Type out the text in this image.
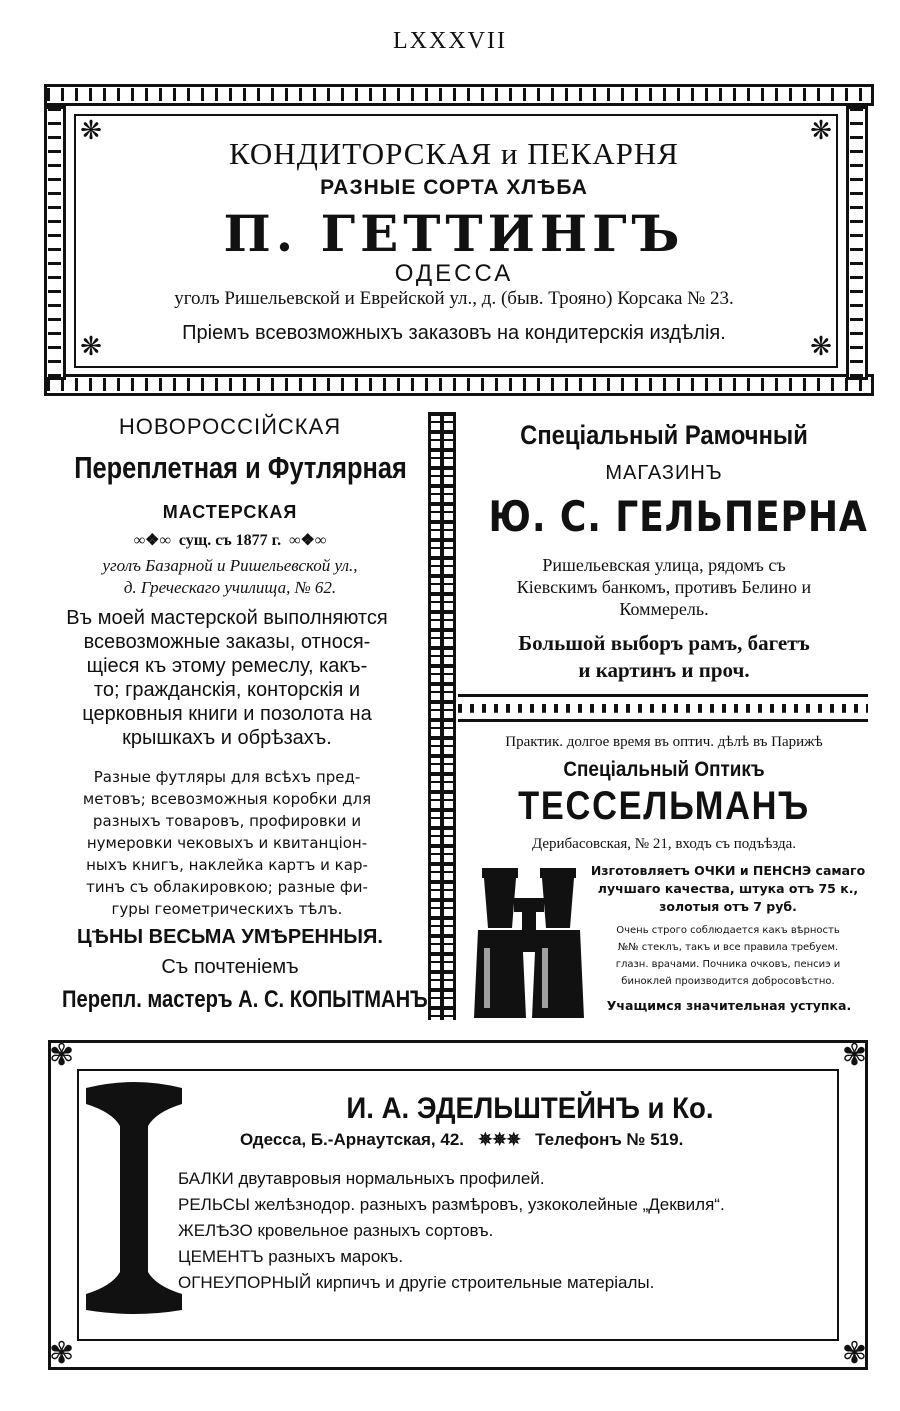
LXXXVII
❋	❋
❋	❋
КОНДИТОРСКАЯ и ПЕКАРНЯ
РАЗНЫЕ СОРТА ХЛѢБА
П. ГЕТТИНГЪ
ОДЕССА
уголъ Ришельевской и Еврейской ул., д. (быв. Трояно) Корсака № 23.
Пріемъ всевозможныхъ заказовъ на кондитерскія издѣлія.
НОВОРОССІЙСКАЯ
Переплетная и Футлярная
МАСТЕРСКАЯ
∞❖∞  сущ. съ 1877 г.  ∞❖∞
уголъ Базарной и Ришельевской ул.,
д. Греческаго училища, № 62.
Въ моей мастерской выполняются
всевозможные заказы, относя-
щіеся къ этому ремеслу, какъ-
то; гражданскія, конторскія и
церковныя книги и позолота на
крышкахъ и обрѣзахъ.
Разные футляры для всѣхъ пред-
метовъ; всевозможныя коробки для
разныхъ товаровъ, профировки и
нумеровки чековыхъ и квитанціон-
ныхъ книгъ, наклейка картъ и кар-
тинъ съ облакировкою; разные фи-
гуры геометрическихъ тѣлъ.
ЦѢНЫ ВЕСЬМА УМѢРЕННЫЯ.
Съ почтеніемъ
Перепл. мастеръ А. С. КОПЫТМАНЪ
Спеціальный Рамочный
МАГАЗИНЪ
Ю. С. ГЕЛЬПЕРНА
Ришельевская улица, рядомъ съ
Кіевскимъ банкомъ, противъ Белино и
Коммерель.
Большой выборъ рамъ, багетъ
и картинъ и проч.
Практик. долгое время въ оптич. дѣлѣ въ Парижѣ
Спеціальный Оптикъ
ТЕССЕЛЬМАНЪ
Дерибасовская, № 21, входъ съ подъѣзда.
Изготовляетъ ОЧКИ и ПЕНСНЭ самаго
лучшаго качества, штука отъ 75 к.,
золотыя отъ 7 руб.
Очень строго соблюдается какъ вѣрность
№№ стеклъ, такъ и все правила требуем.
глазн. врачами. Почника очковъ, пенсиэ и
биноклей производится добросовѣстно.
Учащимся значительная уступка.
✾	✾
✾	✾
И. А. ЭДЕЛЬШТЕЙНЪ и Ко.
Одесса, Б.-Арнаутская, 42.   ✵✵✵   Телефонъ № 519.
БАЛКИ двутавровыя нормальныхъ профилей.
РЕЛЬСЫ желѣзнодор. разныхъ размѣровъ, узкоколейные „Деквиля“.
ЖЕЛѢЗО кровельное разныхъ сортовъ.
ЦЕМЕНТЪ разныхъ марокъ.
ОГНЕУПОРНЫЙ кирпичъ и другіе строительные матеріалы.
